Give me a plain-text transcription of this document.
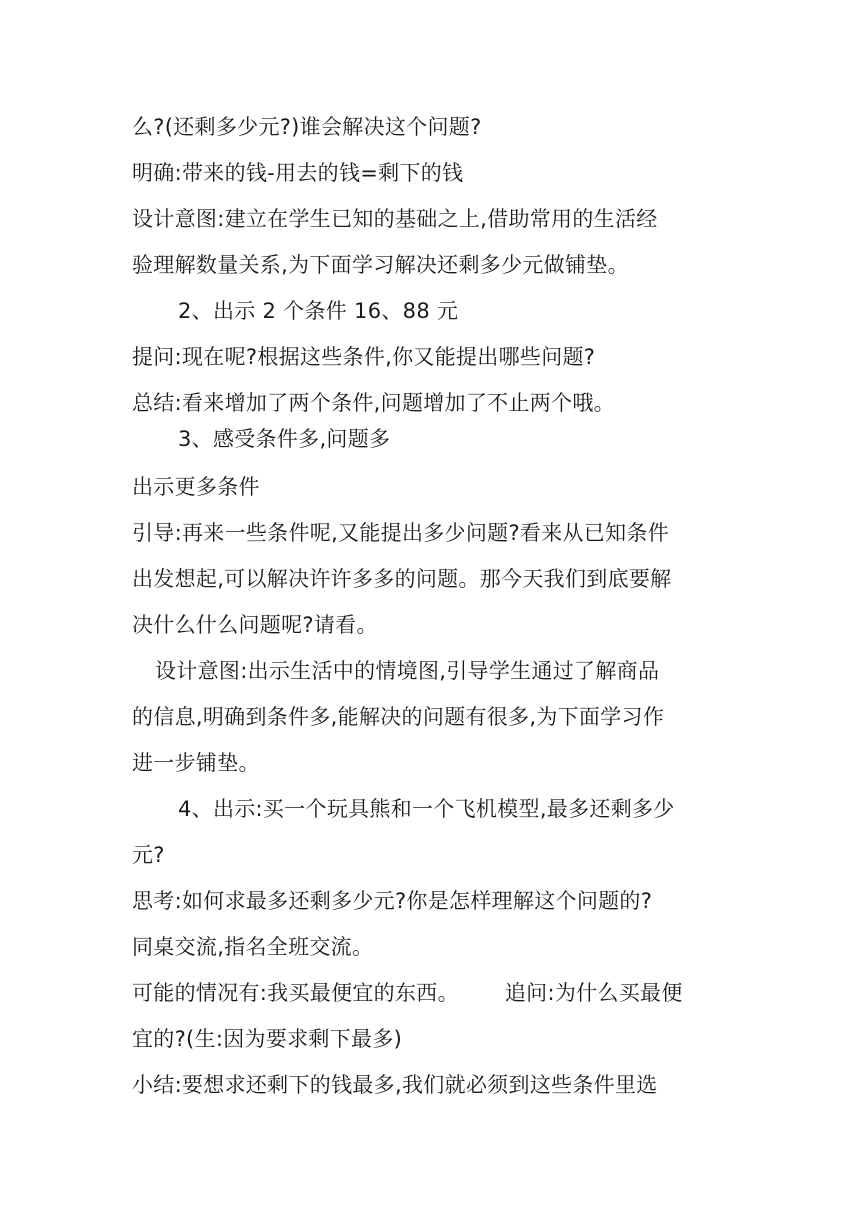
么?(还剩多少元?)谁会解决这个问题?
明确:带来的钱-用去的钱=剩下的钱
设计意图:建立在学生已知的基础之上,借助常用的生活经
验理解数量关系,为下面学习解决还剩多少元做铺垫。
2、出示 2 个条件 16、88 元
提问:现在呢?根据这些条件,你又能提出哪些问题?
总结:看来增加了两个条件,问题增加了不止两个哦。
3、感受条件多,问题多
出示更多条件
引导:再来一些条件呢,又能提出多少问题?看来从已知条件
出发想起,可以解决许许多多的问题。那今天我们到底要解
决什么什么问题呢?请看。
设计意图:出示生活中的情境图,引导学生通过了解商品
的信息,明确到条件多,能解决的问题有很多,为下面学习作
进一步铺垫。
4、出示:买一个玩具熊和一个飞机模型,最多还剩多少
元?
思考:如何求最多还剩多少元?你是怎样理解这个问题的?
同桌交流,指名全班交流。
可能的情况有:我买最便宜的东西。 追问:为什么买最便
宜的?(生:因为要求剩下最多)
小结:要想求还剩下的钱最多,我们就必须到这些条件里选
